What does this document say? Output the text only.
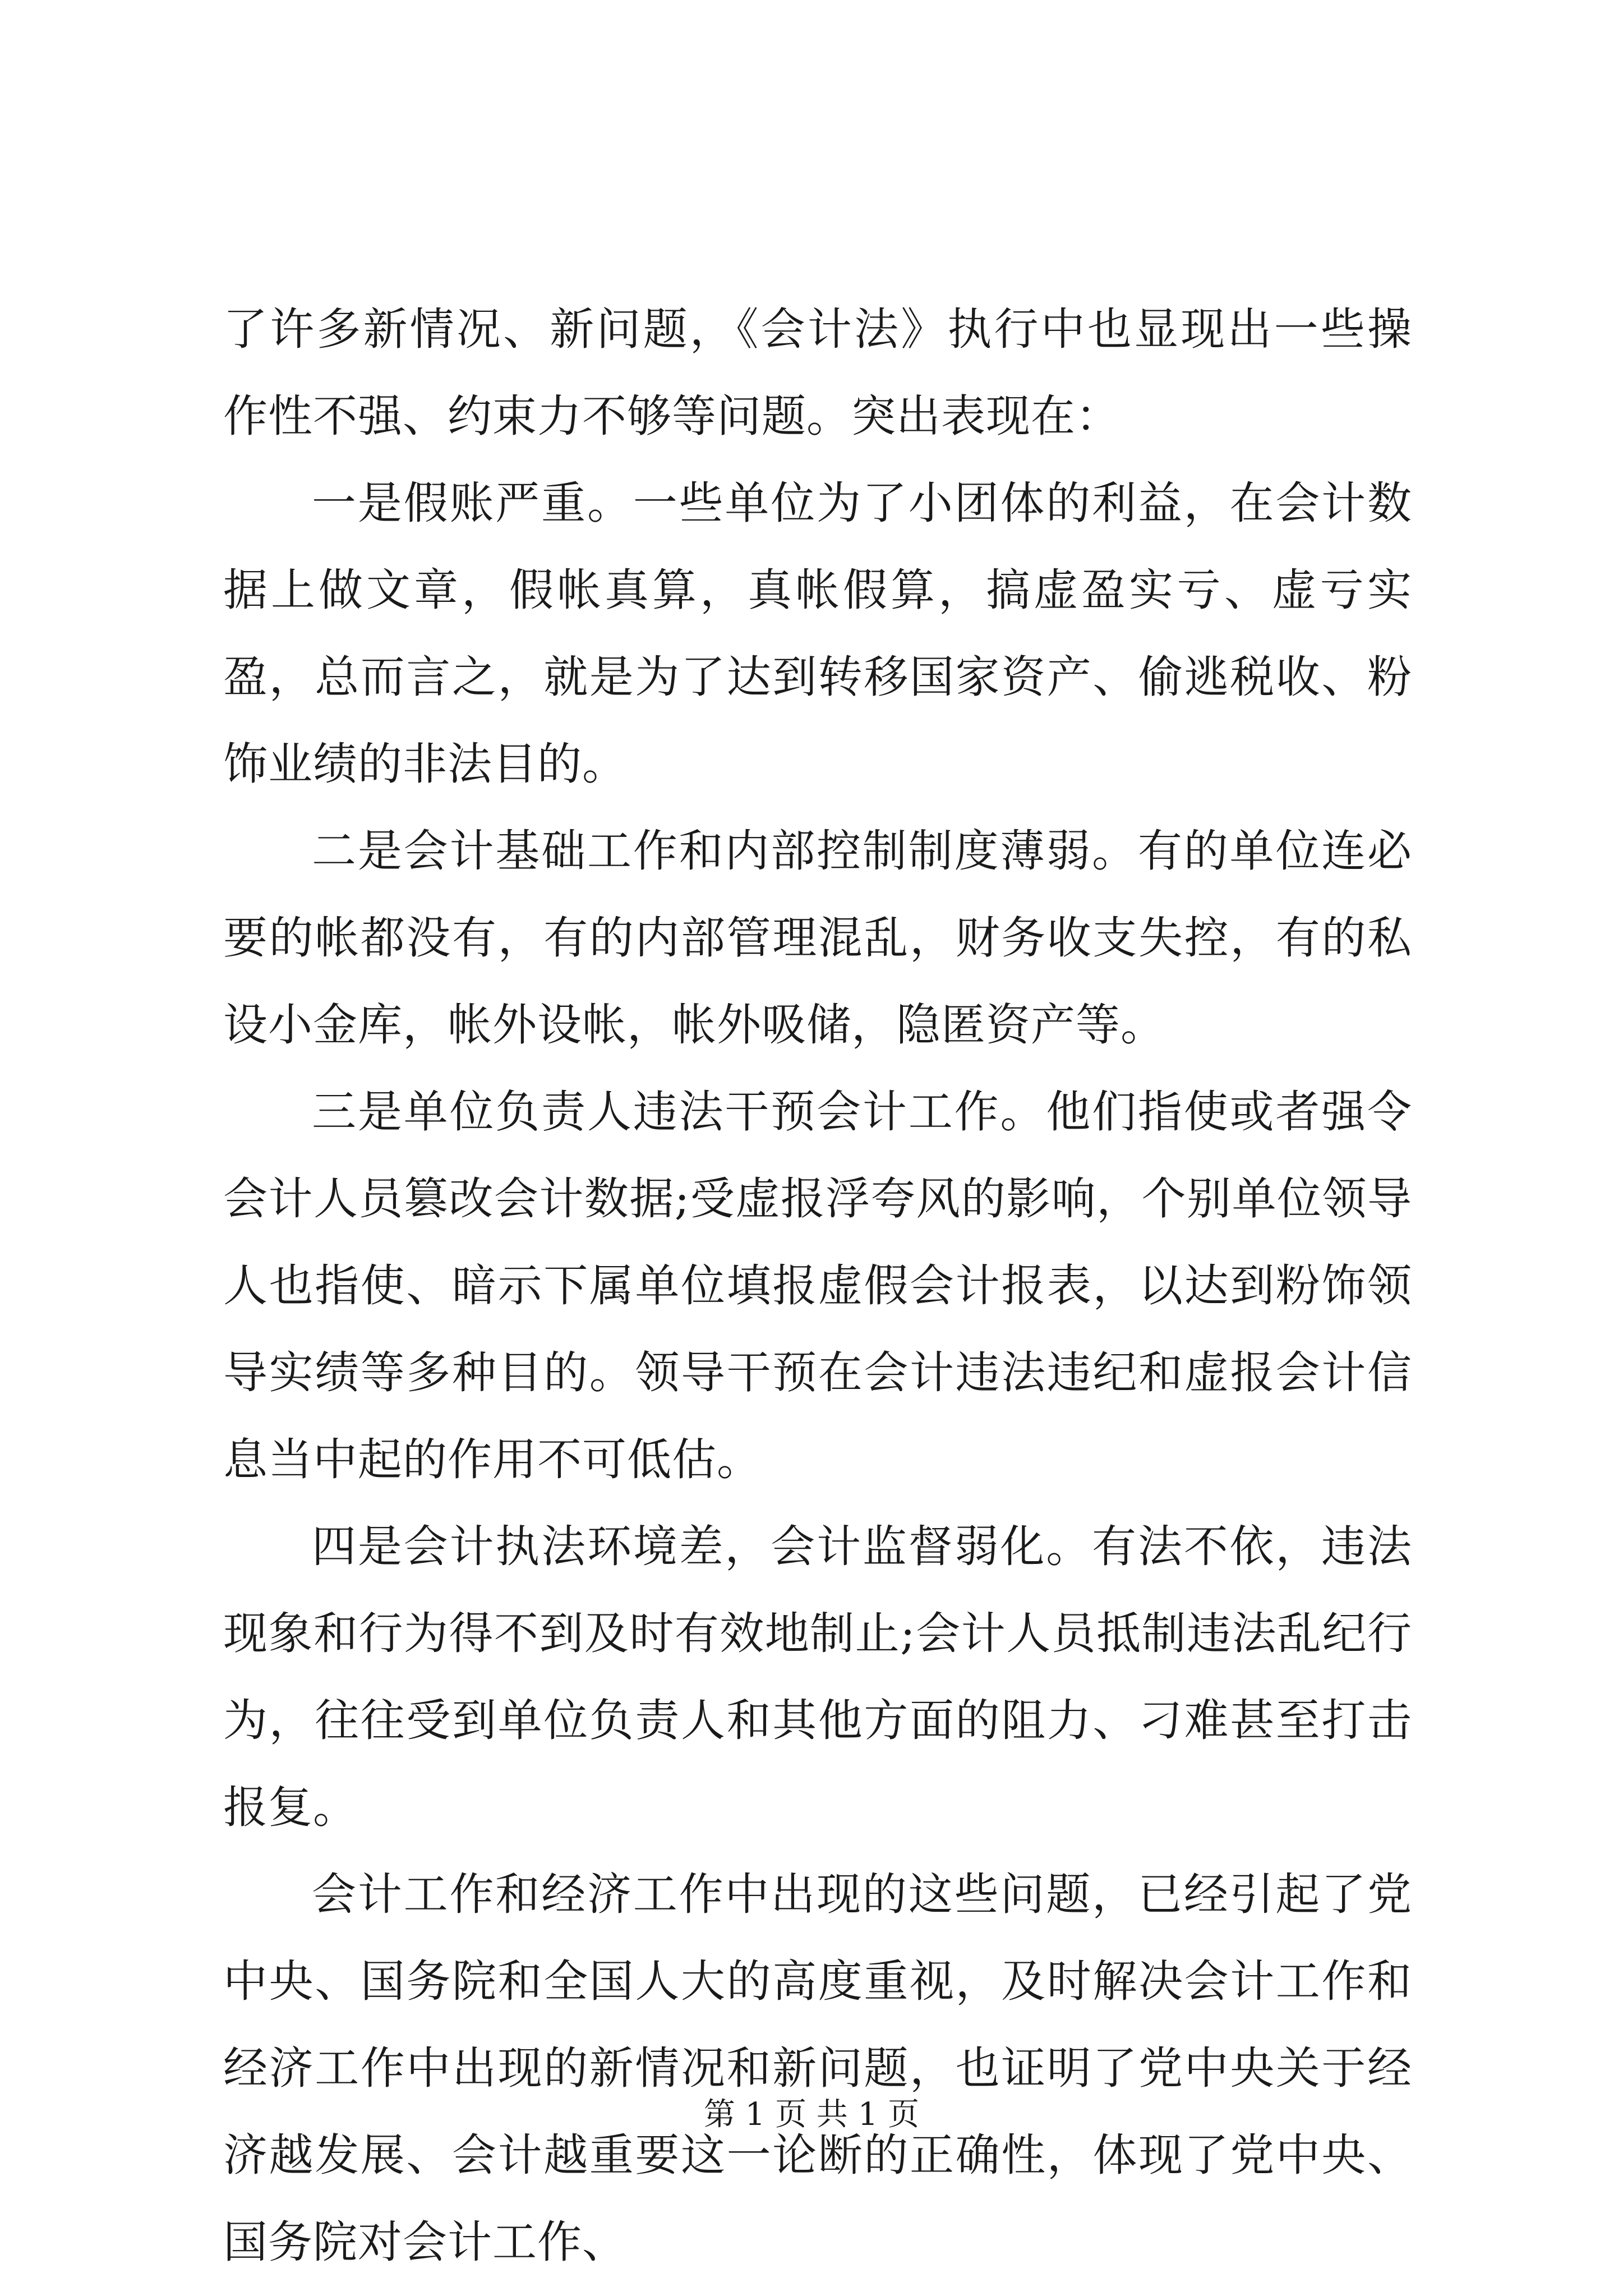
了许多新情况、新问题，《会计法》执行中也显现出一些操作性不强、约束力不够等问题。突出表现在：

一是假账严重。一些单位为了小团体的利益，在会计数据上做文章，假帐真算，真帐假算，搞虚盈实亏、虚亏实盈，总而言之，就是为了达到转移国家资产、偷逃税收、粉饰业绩的非法目的。

二是会计基础工作和内部控制制度薄弱。有的单位连必要的帐都没有，有的内部管理混乱，财务收支失控，有的私设小金库，帐外设帐，帐外吸储，隐匿资产等。

三是单位负责人违法干预会计工作。他们指使或者强令会计人员篡改会计数据;受虚报浮夸风的影响，个别单位领导人也指使、暗示下属单位填报虚假会计报表，以达到粉饰领导实绩等多种目的。领导干预在会计违法违纪和虚报会计信息当中起的作用不可低估。

四是会计执法环境差，会计监督弱化。有法不依，违法现象和行为得不到及时有效地制止;会计人员抵制违法乱纪行为，往往受到单位负责人和其他方面的阻力、刁难甚至打击报复。

会计工作和经济工作中出现的这些问题，已经引起了党中央、国务院和全国人大的高度重视，及时解决会计工作和经济工作中出现的新情况和新问题，也证明了党中央关于经济越发展、会计越重要这一论断的正确性，体现了党中央、国务院对会计工作、

第 1 页 共 1 页
